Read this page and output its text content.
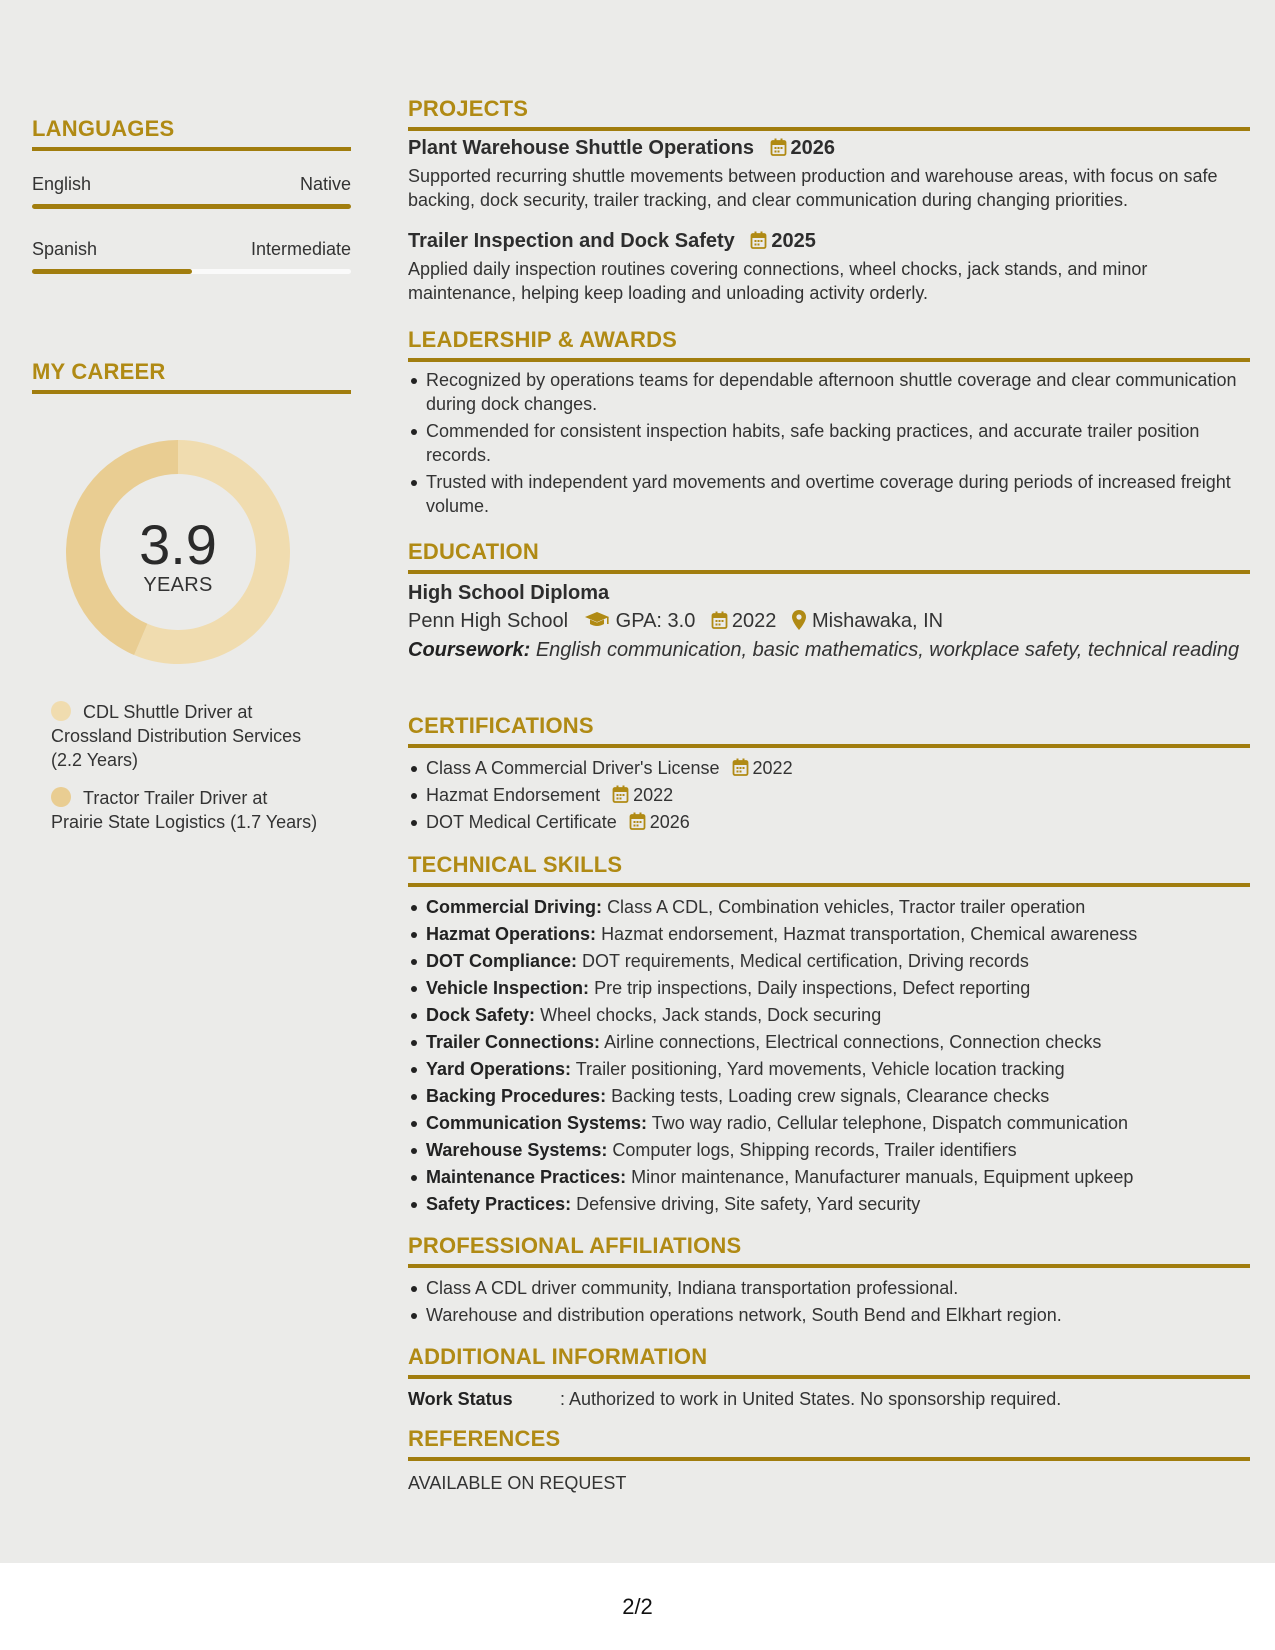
LANGUAGES
English	Native
Spanish	Intermediate
MY CAREER
3.9
YEARS
CDL Shuttle Driver at Crossland Distribution Services (2.2 Years)
Tractor Trailer Driver at Prairie State Logistics (1.7 Years)
PROJECTS
Plant Warehouse Shuttle Operations 2026
Supported recurring shuttle movements between production and warehouse areas, with focus on safe backing, dock security, trailer tracking, and clear communication during changing priorities.
Trailer Inspection and Dock Safety 2025
Applied daily inspection routines covering connections, wheel chocks, jack stands, and minor maintenance, helping keep loading and unloading activity orderly.
LEADERSHIP & AWARDS
Recognized by operations teams for dependable afternoon shuttle coverage and clear communication during dock changes.
Commended for consistent inspection habits, safe backing practices, and accurate trailer position records.
Trusted with independent yard movements and overtime coverage during periods of increased freight volume.
EDUCATION
High School Diploma
Penn High School GPA: 3.0 2022 Mishawaka, IN
Coursework: English communication, basic mathematics, workplace safety, technical reading
CERTIFICATIONS
Class A Commercial Driver's License 2022
Hazmat Endorsement 2022
DOT Medical Certificate 2026
TECHNICAL SKILLS
Commercial Driving: Class A CDL, Combination vehicles, Tractor trailer operation
Hazmat Operations: Hazmat endorsement, Hazmat transportation, Chemical awareness
DOT Compliance: DOT requirements, Medical certification, Driving records
Vehicle Inspection: Pre trip inspections, Daily inspections, Defect reporting
Dock Safety: Wheel chocks, Jack stands, Dock securing
Trailer Connections: Airline connections, Electrical connections, Connection checks
Yard Operations: Trailer positioning, Yard movements, Vehicle location tracking
Backing Procedures: Backing tests, Loading crew signals, Clearance checks
Communication Systems: Two way radio, Cellular telephone, Dispatch communication
Warehouse Systems: Computer logs, Shipping records, Trailer identifiers
Maintenance Practices: Minor maintenance, Manufacturer manuals, Equipment upkeep
Safety Practices: Defensive driving, Site safety, Yard security
PROFESSIONAL AFFILIATIONS
Class A CDL driver community, Indiana transportation professional.
Warehouse and distribution operations network, South Bend and Elkhart region.
ADDITIONAL INFORMATION
Work Status	: Authorized to work in United States. No sponsorship required.
REFERENCES
AVAILABLE ON REQUEST
2/2
